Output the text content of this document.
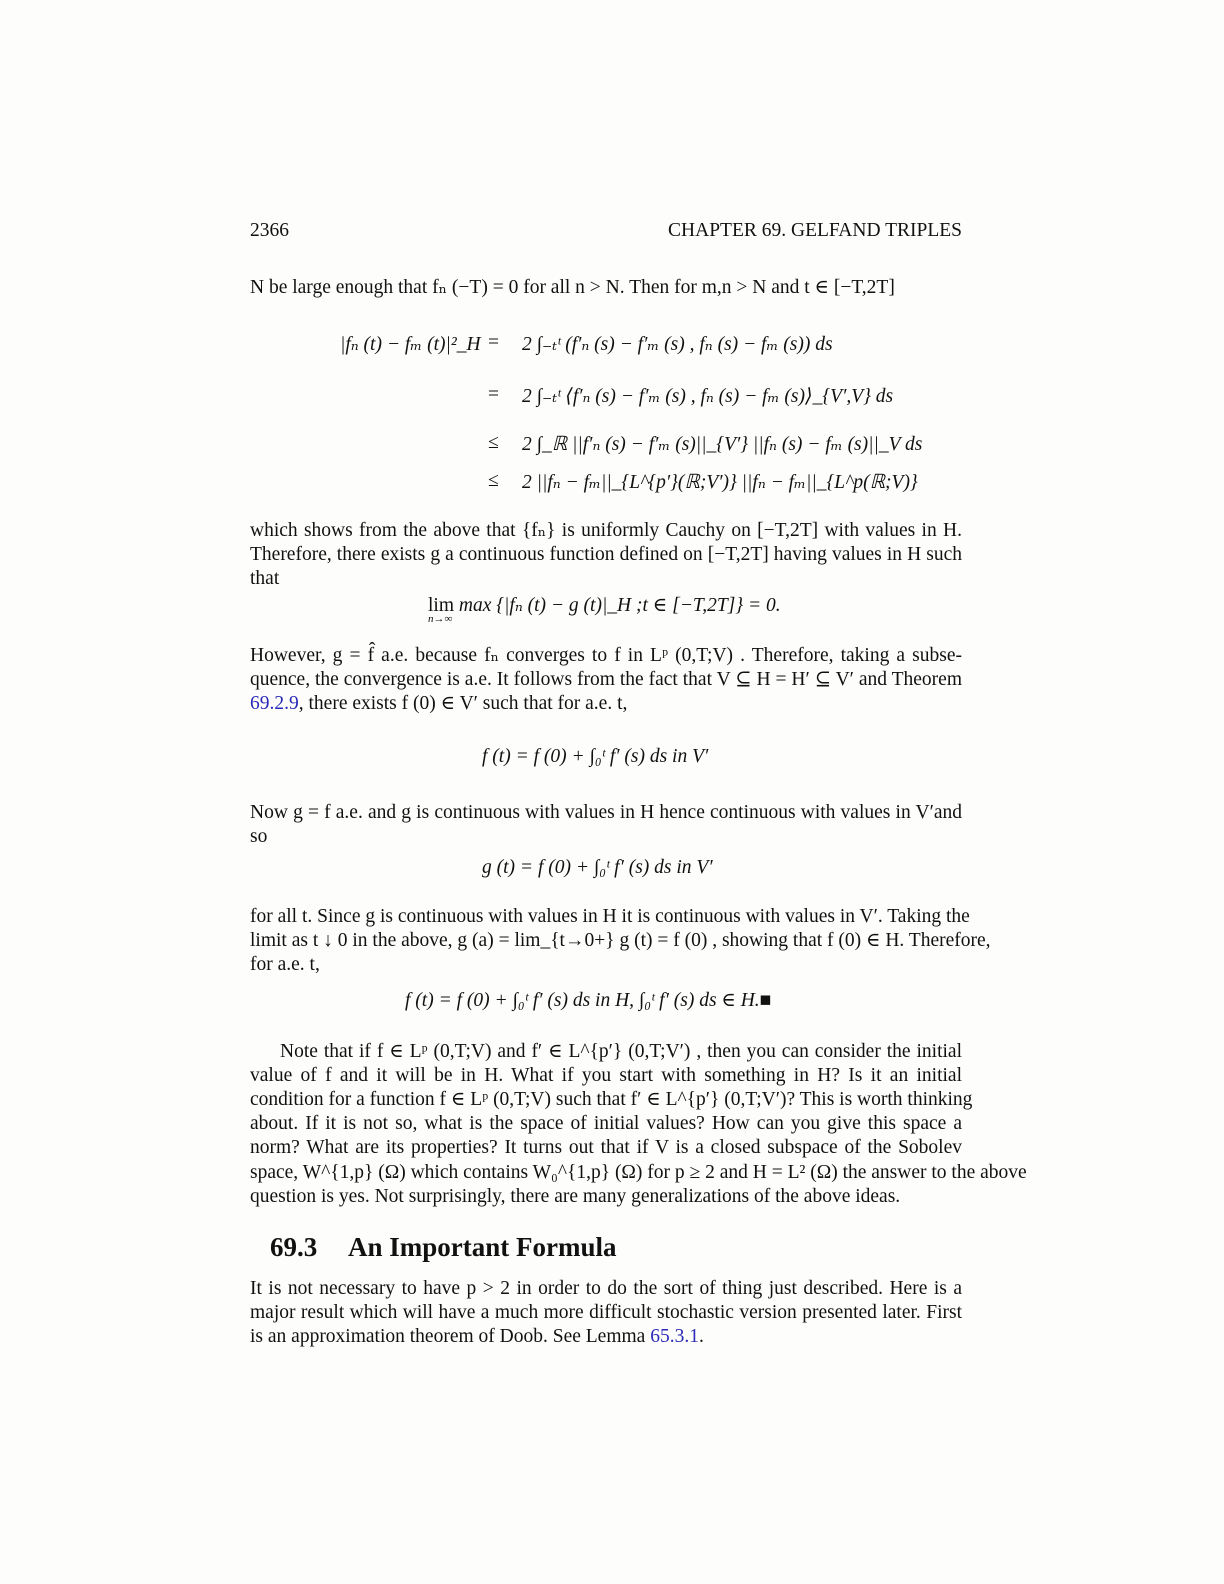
2366	CHAPTER 69. GELFAND TRIPLES
N be large enough that fₙ (−T) = 0 for all n > N. Then for m,n > N and t ∈ [−T,2T]
|fₙ (t) − fₘ (t)|²_H = 2 ∫₋ₜᵗ (f′ₙ (s) − f′ₘ (s) , fₙ (s) − fₘ (s)) ds
= 2 ∫₋ₜᵗ ⟨f′ₙ (s) − f′ₘ (s) , fₙ (s) − fₘ (s)⟩_{V′,V} ds
≤ 2 ∫_ℝ ||f′ₙ (s) − f′ₘ (s)||_{V′} ||fₙ (s) − fₘ (s)||_V ds
≤ 2 ||fₙ − fₘ||_{L^{p′}(ℝ;V′)} ||fₙ − fₘ||_{L^p(ℝ;V)}
which shows from the above that {fₙ} is uniformly Cauchy on [−T,2T] with values in H.
Therefore, there exists g a continuous function defined on [−T,2T] having values in H such
that
lim
n→∞
max {|fₙ (t) − g (t)|_H ;t ∈ [−T,2T]} = 0.
However, g = f̂ a.e. because fₙ converges to f in Lᵖ (0,T;V) . Therefore, taking a subse-
quence, the convergence is a.e. It follows from the fact that V ⊆ H = H′ ⊆ V′ and Theorem
69.2.9, there exists f (0) ∈ V′ such that for a.e. t,
f (t) = f (0) + ∫₀ᵗ f′ (s) ds in V′
Now g = f a.e. and g is continuous with values in H hence continuous with values in V′and
so
g (t) = f (0) + ∫₀ᵗ f′ (s) ds in V′
for all t. Since g is continuous with values in H it is continuous with values in V′. Taking the
limit as t ↓ 0 in the above, g (a) = lim_{t→0+} g (t) = f (0) , showing that f (0) ∈ H. Therefore,
for a.e. t,
f (t) = f (0) + ∫₀ᵗ f′ (s) ds in H, ∫₀ᵗ f′ (s) ds ∈ H.■
Note that if f ∈ Lᵖ (0,T;V) and f′ ∈ L^{p′} (0,T;V′) , then you can consider the initial
value of f and it will be in H. What if you start with something in H? Is it an initial
condition for a function f ∈ Lᵖ (0,T;V) such that f′ ∈ L^{p′} (0,T;V′)? This is worth thinking
about. If it is not so, what is the space of initial values? How can you give this space a
norm? What are its properties? It turns out that if V is a closed subspace of the Sobolev
space, W^{1,p} (Ω) which contains W₀^{1,p} (Ω) for p ≥ 2 and H = L² (Ω) the answer to the above
question is yes. Not surprisingly, there are many generalizations of the above ideas.
69.3 An Important Formula
It is not necessary to have p > 2 in order to do the sort of thing just described. Here is a
major result which will have a much more difficult stochastic version presented later. First
is an approximation theorem of Doob. See Lemma 65.3.1.
